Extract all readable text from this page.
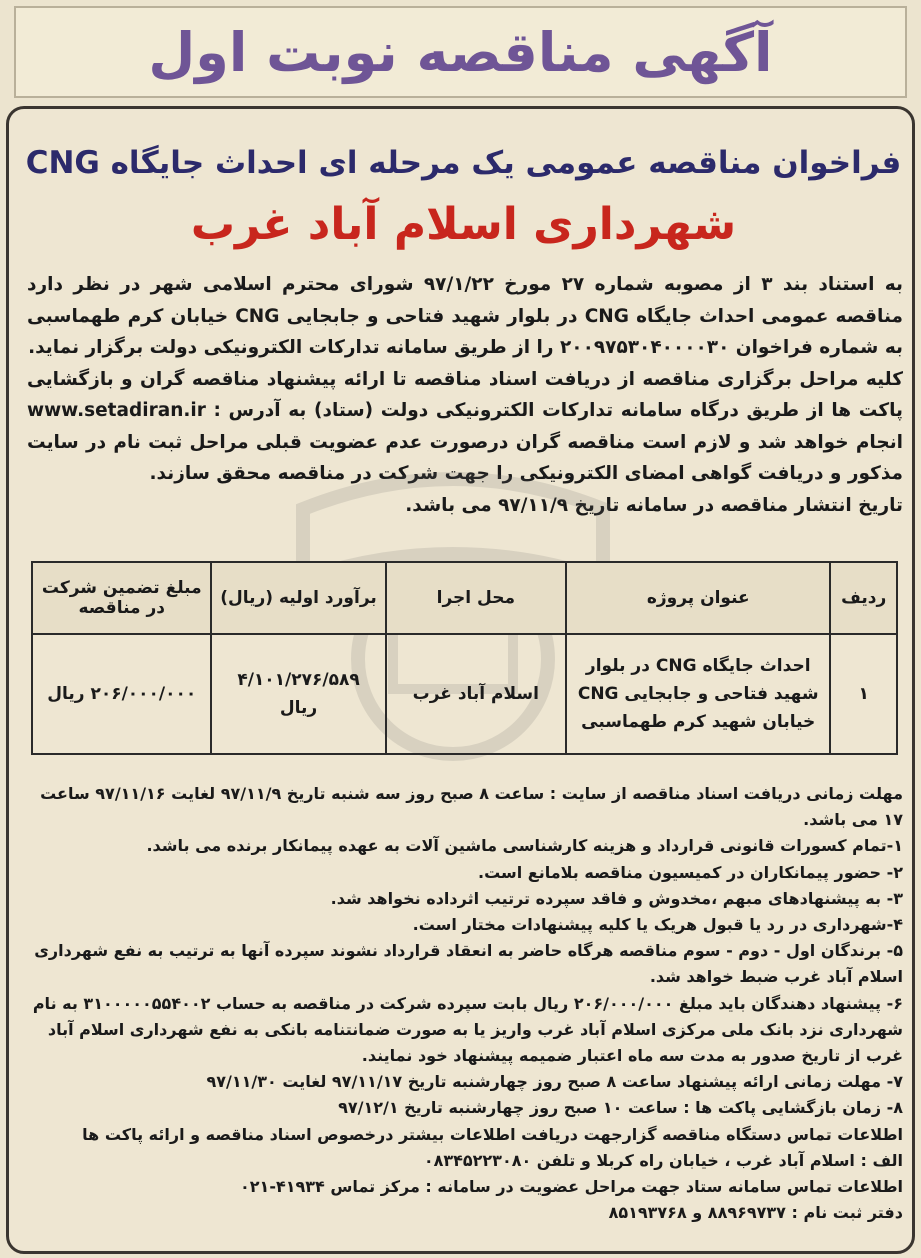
آگهی مناقصه نوبت اول
فراخوان مناقصه عمومی یک مرحله ای احداث جایگاه CNG
شهرداری اسلام آباد غرب

به استناد بند ۳ از مصوبه شماره ۲۷ مورخ ۹۷/۱/۲۲ شورای محترم اسلامی شهر در نظر دارد مناقصه عمومی احداث جایگاه CNG در بلوار شهید فتاحی و جابجایی CNG خیابان کرم طهماسبی به شماره فراخوان ۲۰۰۹۷۵۳۰۴۰۰۰۰۳۰ را از طریق سامانه تدارکات الکترونیکی دولت برگزار نماید.

کلیه مراحل برگزاری مناقصه از دریافت اسناد مناقصه تا ارائه پیشنهاد مناقصه گران و بازگشایی پاکت ها از طریق درگاه سامانه تدارکات الکترونیکی دولت (ستاد) به آدرس : www.setadiran.ir انجام خواهد شد و لازم است مناقصه گران درصورت عدم عضویت قبلی مراحل ثبت نام در سایت مذکور و دریافت گواهی امضای الکترونیکی را جهت شرکت در مناقصه محقق سازند.

تاریخ انتشار مناقصه در سامانه تاریخ ۹۷/۱۱/۹ می باشد.

ردیف	عنوان پروژه	محل اجرا	برآورد اولیه (ریال)	مبلغ تضمین شرکت در مناقصه
۱	احداث جایگاه CNG در بلوار شهید فتاحی و جابجایی CNG خیابان شهید کرم طهماسبی	اسلام آباد غرب	۴/۱۰۱/۲۷۶/۵۸۹ ریال	۲۰۶/۰۰۰/۰۰۰ ریال

مهلت زمانی دریافت اسناد مناقصه از سایت : ساعت ۸ صبح روز سه شنبه تاریخ ۹۷/۱۱/۹ لغایت ۹۷/۱۱/۱۶ ساعت ۱۷ می باشد.

۱-تمام کسورات قانونی قرارداد و هزینه کارشناسی ماشین آلات به عهده پیمانکار برنده می باشد.

۲- حضور پیمانکاران در کمیسیون مناقصه بلامانع است.

۳- به پیشنهادهای مبهم ،مخدوش و فاقد سپرده ترتیب اثرداده نخواهد شد.

۴-شهرداری در رد یا قبول هریک یا کلیه پیشنهادات مختار است.

۵- برندگان اول - دوم - سوم مناقصه هرگاه حاضر به انعقاد قرارداد نشوند سپرده آنها به ترتیب به نفع شهرداری اسلام آباد غرب ضبط خواهد شد.

۶- پیشنهاد دهندگان باید مبلغ ۲۰۶/۰۰۰/۰۰۰ ریال بابت سپرده شرکت در مناقصه به حساب ۳۱۰۰۰۰۰۵۵۴۰۰۲ به نام شهرداری نزد بانک ملی مرکزی اسلام آباد غرب واریز یا به صورت ضمانتنامه بانکی به نفع شهرداری اسلام آباد غرب از تاریخ صدور به مدت سه ماه اعتبار ضمیمه پیشنهاد خود نمایند.

۷- مهلت زمانی ارائه پیشنهاد ساعت ۸ صبح روز چهارشنبه تاریخ ۹۷/۱۱/۱۷ لغایت ۹۷/۱۱/۳۰

۸- زمان بازگشایی پاکت ها : ساعت ۱۰ صبح روز چهارشنبه تاریخ ۹۷/۱۲/۱

اطلاعات تماس دستگاه مناقصه گزارجهت دریافت اطلاعات بیشتر درخصوص اسناد مناقصه و ارائه پاکت ها

الف : اسلام آباد غرب ، خیابان راه کربلا و تلفن ۰۸۳۴۵۲۲۳۰۸۰

اطلاعات تماس سامانه ستاد جهت مراحل عضویت در سامانه : مرکز تماس ۴۱۹۳۴-۰۲۱

دفتر ثبت نام : ۸۸۹۶۹۷۳۷ و ۸۵۱۹۳۷۶۸
